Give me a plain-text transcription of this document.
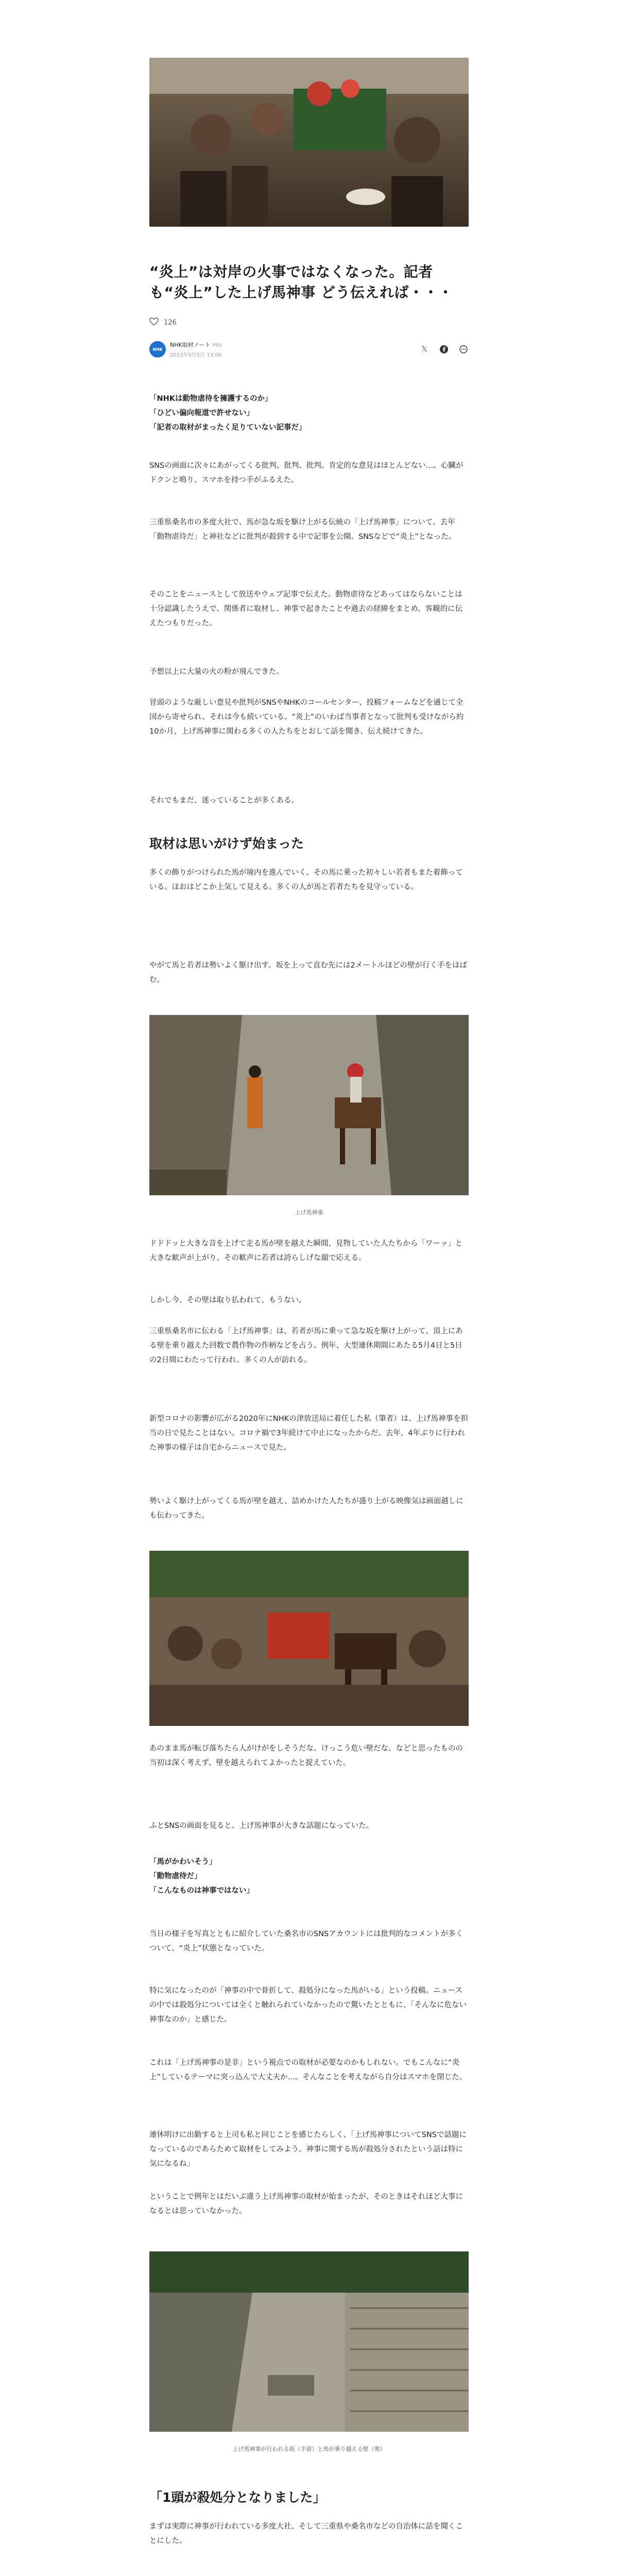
“炎上”は対岸の火事ではなくなった。記者も“炎上”した上げ馬神事 どう伝えれば・・・
126
NHK
NHK取材ノート PRO
2023年9月5日 13:00
𝕏
「NHKは動物虐待を擁護するのか」
「ひどい偏向報道で許せない」
「記者の取材がまったく足りていない記事だ」

SNSの画面に次々にあがってくる批判、批判、批判。肯定的な意見はほとんどない…。心臓がドクンと鳴り、スマホを持つ手がふるえた。

三重県桑名市の多度大社で、馬が急な坂を駆け上がる伝統の「上げ馬神事」について、去年「動物虐待だ」と神社などに批判が殺到する中で記事を公開。SNSなどで“炎上”となった。

そのことをニュースとして放送やウェブ記事で伝えた。動物虐待などあってはならないことは十分認識したうえで、関係者に取材し、神事で起きたことや過去の経緯をまとめ、客観的に伝えたつもりだった。

予想以上に大量の火の粉が飛んできた。

冒頭のような厳しい意見や批判がSNSやNHKのコールセンター、投稿フォームなどを通じて全国から寄せられ、それは今も続いている。“炎上”のいわば当事者となって批判も受けながら約10か月、上げ馬神事に関わる多くの人たちをとおして話を聞き、伝え続けてきた。

それでもまだ、迷っていることが多くある。

取材は思いがけず始まった

多くの飾りがつけられた馬が境内を進んでいく。その馬に乗った初々しい若者もまた着飾っている。ほおはどこか上気して見える。多くの人が馬と若者たちを見守っている。

やがて馬と若者は勢いよく駆け出す。坂を上って直む先には2メートルほどの壁が行く手をはばむ。

上げ馬神事

ドドドッと大きな音を上げて走る馬が壁を越えた瞬間、見物していた人たちから「ワーッ」と大きな歓声が上がり、その歓声に若者は誇らしげな顔で応える。

しかし今、その壁は取り払われて、もうない。

三重県桑名市に伝わる「上げ馬神事」は、若者が馬に乗って急な坂を駆け上がって、頂上にある壁を乗り越えた回数で農作物の作柄などを占う。例年、大型連休期間にあたる5月4日と5日の2日間にわたって行われ、多くの人が訪れる。

新型コロナの影響が広がる2020年にNHKの津放送局に着任した私（筆者）は、上げ馬神事を担当の日で見たことはない。コロナ禍で3年続けて中止になったからだ。去年、4年ぶりに行われた神事の様子は自宅からニュースで見た。

勢いよく駆け上がってくる馬が壁を越え、詰めかけた人たちが盛り上がる映像気は画面越しにも伝わってきた。

あのまま馬が転び落ちたら人がけがをしそうだな、けっこう危い壁だな、などと思ったものの当初は深く考えず、壁を越えられてよかったと捉えていた。

ふとSNSの画面を見ると、上げ馬神事が大きな話題になっていた。

「馬がかわいそう」
「動物虐待だ」
「こんなものは神事ではない」

当日の様子を写真とともに紹介していた桑名市のSNSアカウントには批判的なコメントが多くついて、“炎上”状態となっていた。

特に気になったのが「神事の中で骨折して、殺処分になった馬がいる」という投稿。ニュースの中では殺処分については全くと触れられていなかったので驚いたとともに、「そんなに危ない神事なのか」と感じた。

これは「上げ馬神事の是非」という視点での取材が必要なのかもしれない。でもこんなに“炎上”しているテーマに突っ込んで大丈夫か…。そんなことを考えながら自分はスマホを閉じた。

連休明けに出勤すると上司も私と同じことを感じたらしく、「上げ馬神事についてSNSで話題になっているのであらためて取材をしてみよう。神事に関する馬が殺処分されたという話は特に気になるね」

ということで例年とはだいぶ違う上げ馬神事の取材が始まったが、そのときはそれほど大事になるとは思っていなかった。

上げ馬神事が行われる坂（手前）と馬が乗り越える壁（奥）
「1頭が殺処分となりました」

まずは実際に神事が行われている多度大社、そして三重県や桑名市などの自治体に話を聞くことにした。
